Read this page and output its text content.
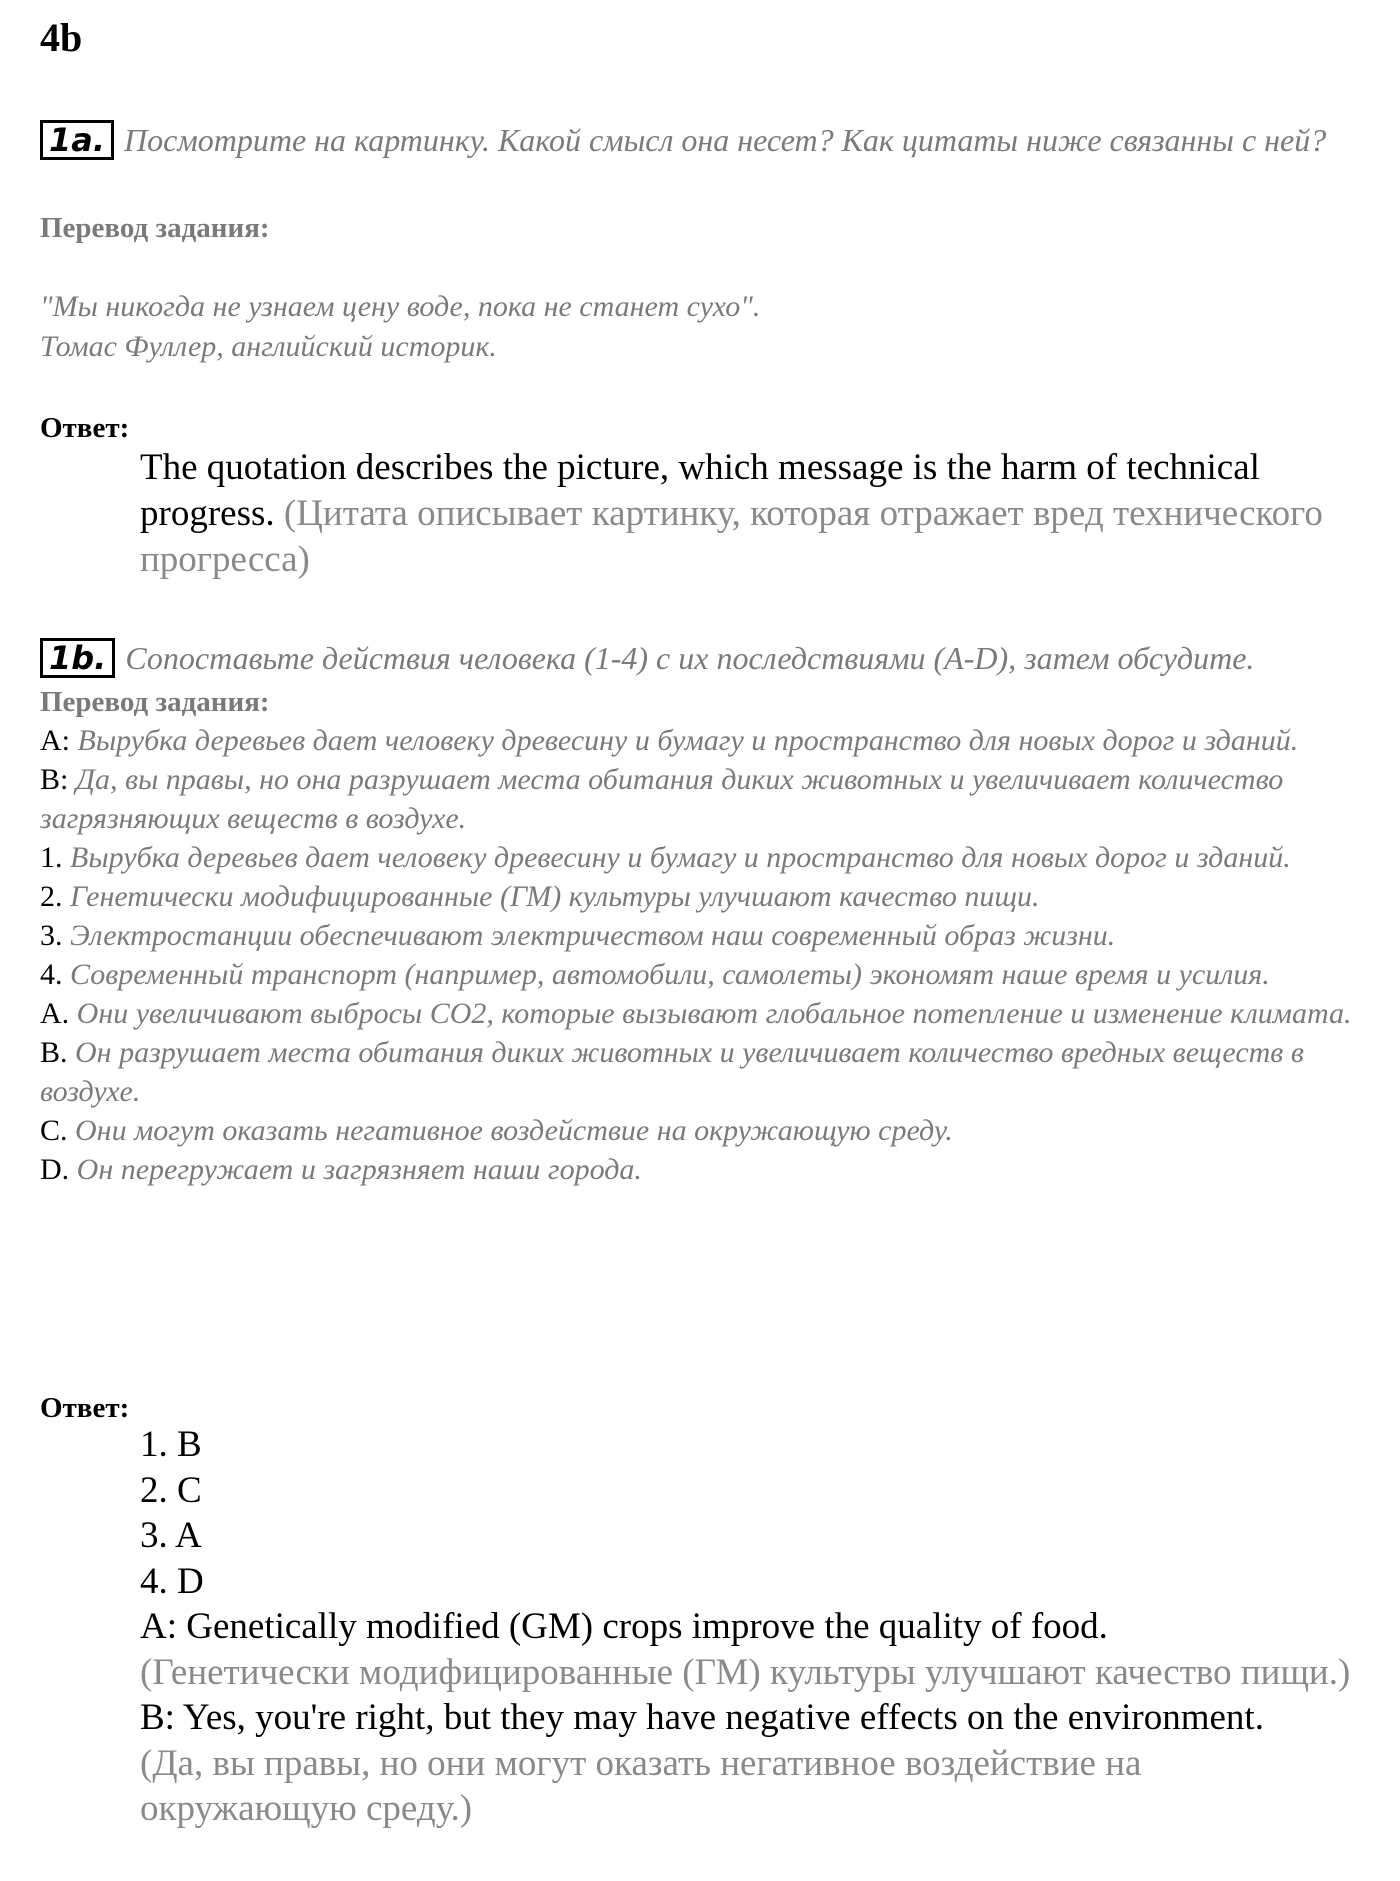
4b
1a. Посмотрите на картинку. Какой смысл она несет? Как цитаты ниже связанны с ней?
Перевод задания:
"Мы никогда не узнаем цену воде, пока не станет сухо".
Томас Фуллер, английский историк.
Ответ:
The quotation describes the picture, which message is the harm of technical progress. (Цитата описывает картинку, которая отражает вред технического прогресса)
1b. Сопоставьте действия человека (1-4) с их последствиями (A-D), затем обсудите.
Перевод задания:
A: Вырубка деревьев дает человеку древесину и бумагу и пространство для новых дорог и зданий.
B: Да, вы правы, но она разрушает места обитания диких животных и увеличивает количество загрязняющих веществ в воздухе.
1. Вырубка деревьев дает человеку древесину и бумагу и пространство для новых дорог и зданий.
2. Генетически модифицированные (ГМ) культуры улучшают качество пищи.
3. Электростанции обеспечивают электричеством наш современный образ жизни.
4. Современный транспорт (например, автомобили, самолеты) экономят наше время и усилия.
A. Они увеличивают выбросы CO2, которые вызывают глобальное потепление и изменение климата.
B. Он разрушает места обитания диких животных и увеличивает количество вредных веществ в воздухе.
C. Они могут оказать негативное воздействие на окружающую среду.
D. Он перегружает и загрязняет наши города.
Ответ:
1. B
2. C
3. A
4. D
A: Genetically modified (GM) crops improve the quality of food.
(Генетически модифицированные (ГМ) культуры улучшают качество пищи.)
B: Yes, you're right, but they may have negative effects on the environment.
(Да, вы правы, но они могут оказать негативное воздействие на окружающую среду.)
